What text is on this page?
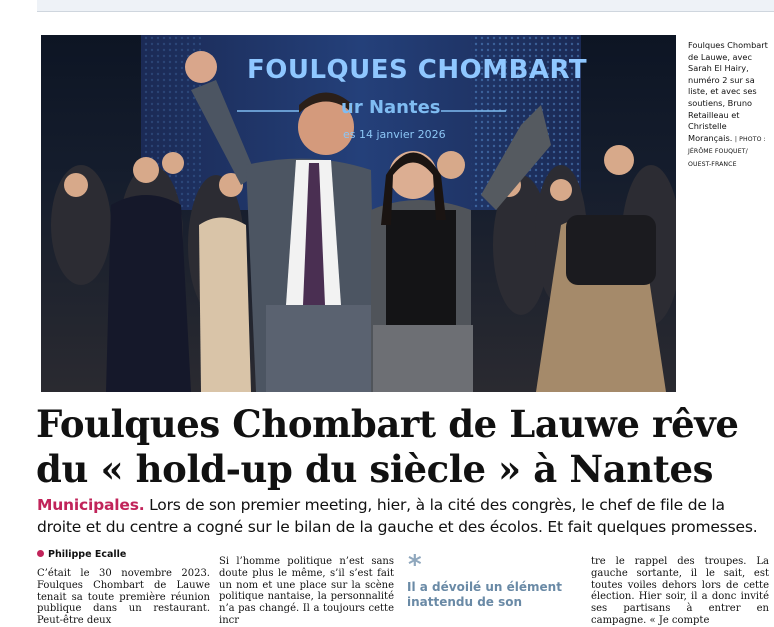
FOULQUES CHOMBART
ur Nantes
es 14 janvier 2026
Foulques Chombart de Lauwe, avec Sarah El Hairy, numéro 2 sur sa liste, et avec ses soutiens, Bruno Retailleau et Christelle Morançais. | PHOTO : JÉRÔME FOUQUET/ OUEST-FRANCE
Foulques Chombart de Lauwe rêve
du « hold-up du siècle » à Nantes
Municipales. Lors de son premier meeting, hier, à la cité des congrès, le chef de file de la droite et du centre a cogné sur le bilan de la gauche et des écolos. Et fait quelques promesses.
Philippe Ecalle
C’était le 30 novembre 2023. Foulques Chombart de Lauwe tenait sa toute première réunion publique dans un restaurant. Peut-être deux
Si l’homme politique n’est sans doute plus le même, s’il s’est fait un nom et une place sur la scène politique nantaise, la personnalité n’a pas changé. Il a toujours cette incr
*
Il a dévoilé un élément inattendu de son
tre le rappel des troupes. La gauche sortante, il le sait, est toutes voiles dehors lors de cette élection. Hier soir, il a donc invité ses partisans à entrer en campagne. « Je compte
